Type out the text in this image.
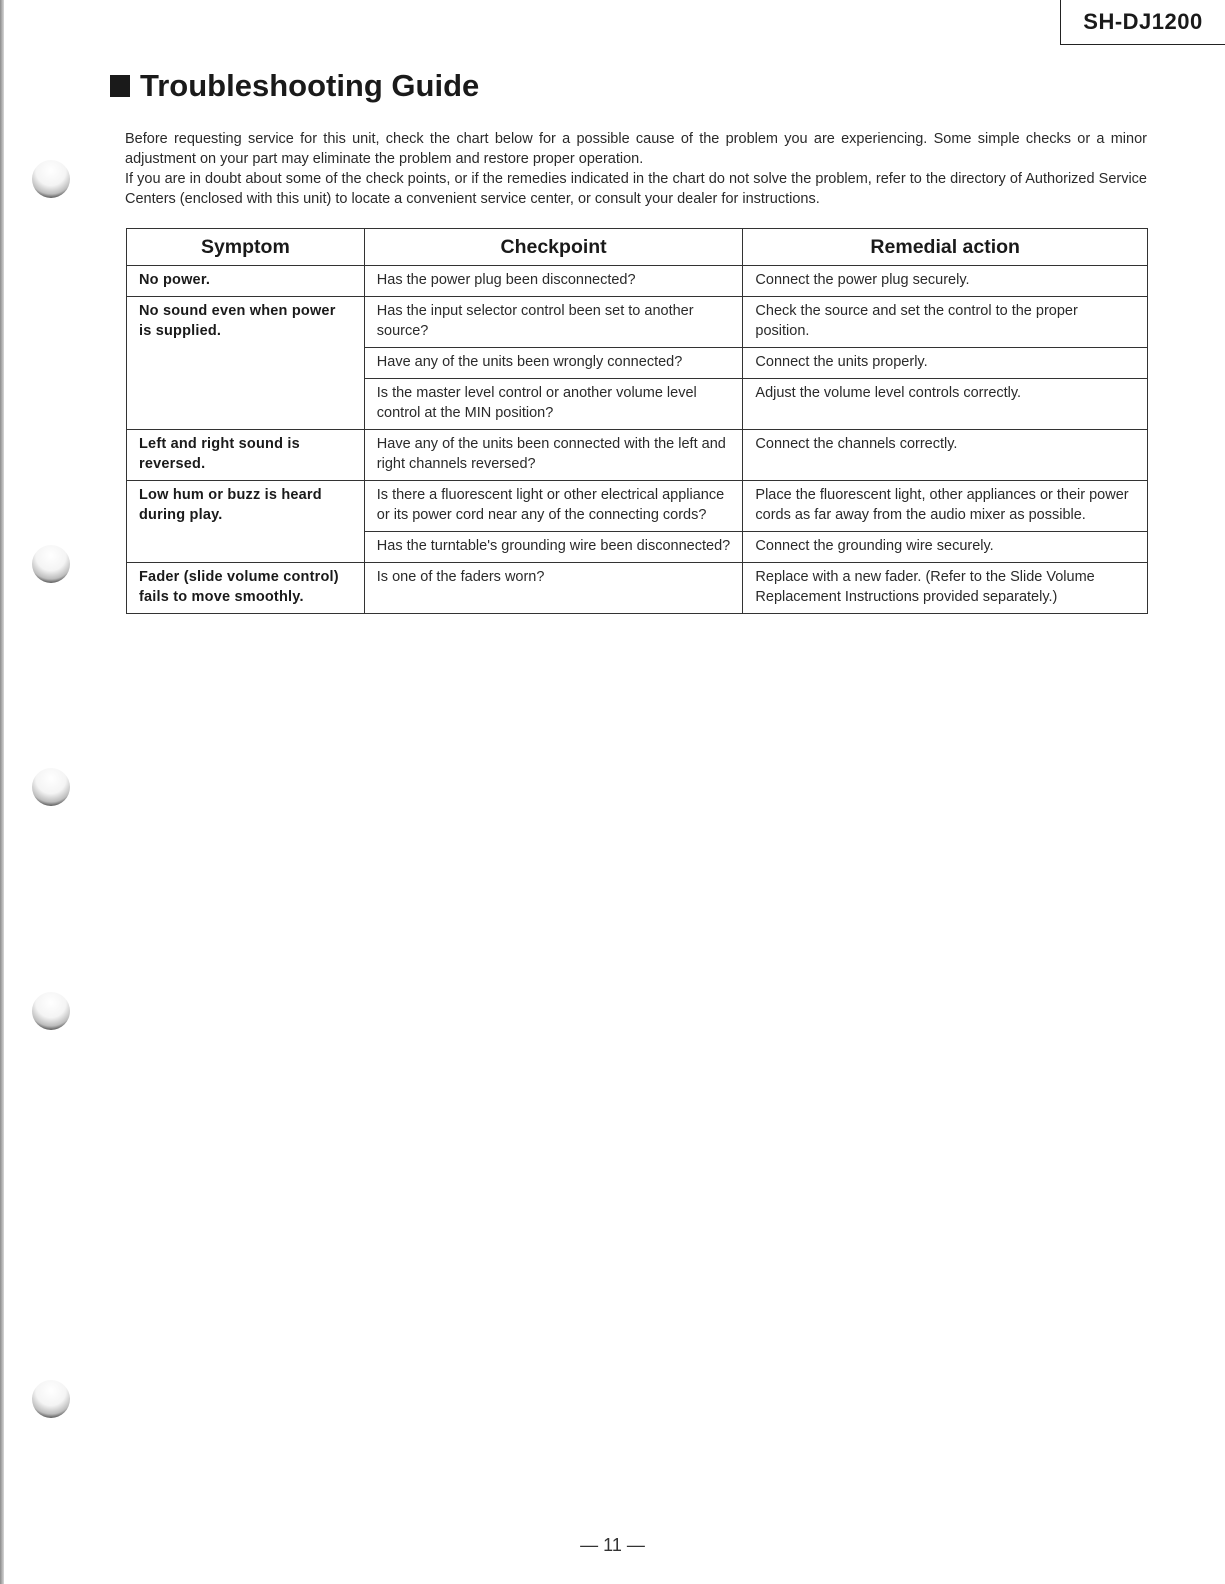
SH-DJ1200
Troubleshooting Guide

Before requesting service for this unit, check the chart below for a possible cause of the problem you are experiencing. Some simple checks or a minor adjustment on your part may eliminate the problem and restore proper operation.

If you are in doubt about some of the check points, or if the remedies indicated in the chart do not solve the problem, refer to the directory of Authorized Service Centers (enclosed with this unit) to locate a convenient service center, or consult your dealer for instructions.

Symptom	Checkpoint	Remedial action
No power.	Has the power plug been disconnected?	Connect the power plug securely.
No sound even when power is supplied.	Has the input selector control been set to another source?	Check the source and set the control to the proper position.
	Have any of the units been wrongly connected?	Connect the units properly.
	Is the master level control or another volume level control at the MIN position?	Adjust the volume level controls correctly.
Left and right sound is reversed.	Have any of the units been connected with the left and right channels reversed?	Connect the channels correctly.
Low hum or buzz is heard during play.	Is there a fluorescent light or other electrical appliance or its power cord near any of the connecting cords?	Place the fluorescent light, other appliances or their power cords as far away from the audio mixer as possible.
	Has the turntable's grounding wire been disconnected?	Connect the grounding wire securely.
Fader (slide volume control) fails to move smoothly.	Is one of the faders worn?	Replace with a new fader. (Refer to the Slide Volume Replacement Instructions provided separately.)
— 11 —
